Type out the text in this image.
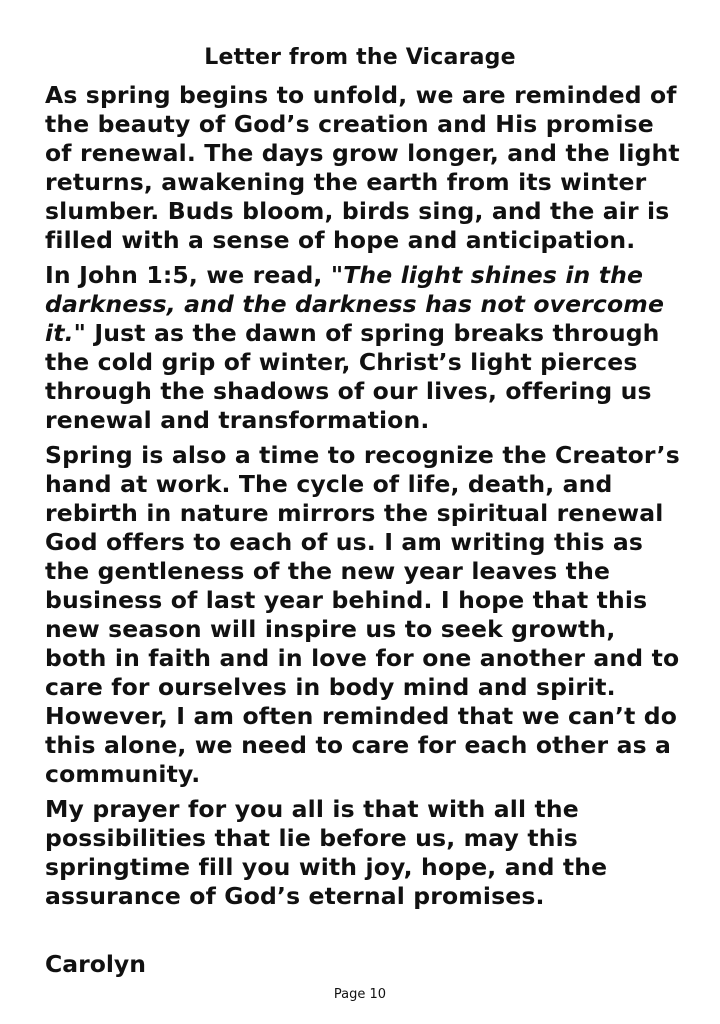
Letter from the Vicarage

As spring begins to unfold, we are reminded of the beauty of God’s creation and His promise of renewal. The days grow longer, and the light returns, awakening the earth from its winter slumber. Buds bloom, birds sing, and the air is filled with a sense of hope and anticipation.

In John 1:5, we read, "The light shines in the darkness, and the darkness has not overcome it." Just as the dawn of spring breaks through the cold grip of winter, Christ’s light pierces through the shadows of our lives, offering us renewal and transformation.

Spring is also a time to recognize the Creator’s hand at work. The cycle of life, death, and rebirth in nature mirrors the spiritual renewal God offers to each of us. I am writing this as the gentleness of the new year leaves the business of last year behind. I hope that this new season will inspire us to seek growth, both in faith and in love for one another and to care for ourselves in body mind and spirit. However, I am often reminded that we can’t do this alone, we need to care for each other as a community.

My prayer for you all is that with all the possibilities that lie before us, may this springtime fill you with joy, hope, and the assurance of God’s eternal promises.

Carolyn
Page 10
